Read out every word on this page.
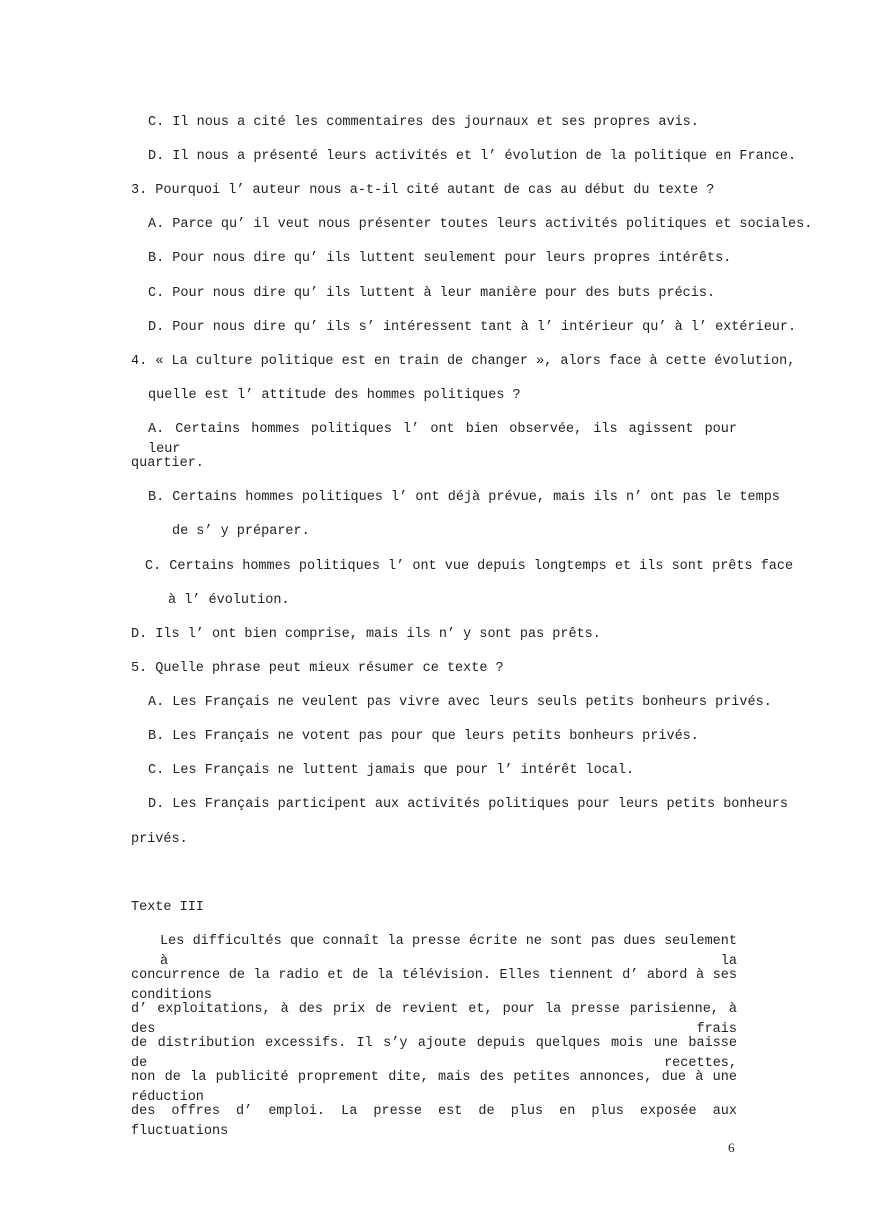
C. Il nous a cité les commentaires des journaux et ses propres avis.
D. Il nous a présenté leurs activités et l’ évolution de la politique en France.
3. Pourquoi l’ auteur nous a-t-il cité autant de cas au début du texte ?
A. Parce qu’ il veut nous présenter toutes leurs activités politiques et sociales.
B. Pour nous dire qu’ ils luttent seulement pour leurs propres intérêts.
C. Pour nous dire qu’ ils luttent à leur manière pour des buts précis.
D. Pour nous dire qu’ ils s’ intéressent tant à l’ intérieur qu’ à l’ extérieur.
4. « La culture politique est en train de changer », alors face à cette évolution,
quelle est l’ attitude des hommes politiques ?
A. Certains hommes politiques l’ ont bien observée, ils agissent pour leur
quartier.
B. Certains hommes politiques l’ ont déjà prévue, mais ils n’ ont pas le temps
de s’ y préparer.
C. Certains hommes politiques l’ ont vue depuis longtemps et ils sont prêts face
à l’ évolution.
D. Ils l’ ont bien comprise, mais ils n’ y sont pas prêts.
5. Quelle phrase peut mieux résumer ce texte ?
A. Les Français ne veulent pas vivre avec leurs seuls petits bonheurs privés.
B. Les Français ne votent pas pour que leurs petits bonheurs privés.
C. Les Français ne luttent jamais que pour l’ intérêt local.
D. Les Français participent aux activités politiques pour leurs petits bonheurs
privés.
Texte III
Les difficultés que connaît la presse écrite ne sont pas dues seulement à la
concurrence de la radio et de la télévision. Elles tiennent d’ abord à ses conditions
d’ exploitations, à des prix de revient et, pour la presse parisienne, à des frais
de distribution excessifs. Il s’y ajoute depuis quelques mois une baisse de recettes,
non de la publicité proprement dite, mais des petites annonces, due à une réduction
des offres d’ emploi. La presse est de plus en plus exposée aux fluctuations
6
